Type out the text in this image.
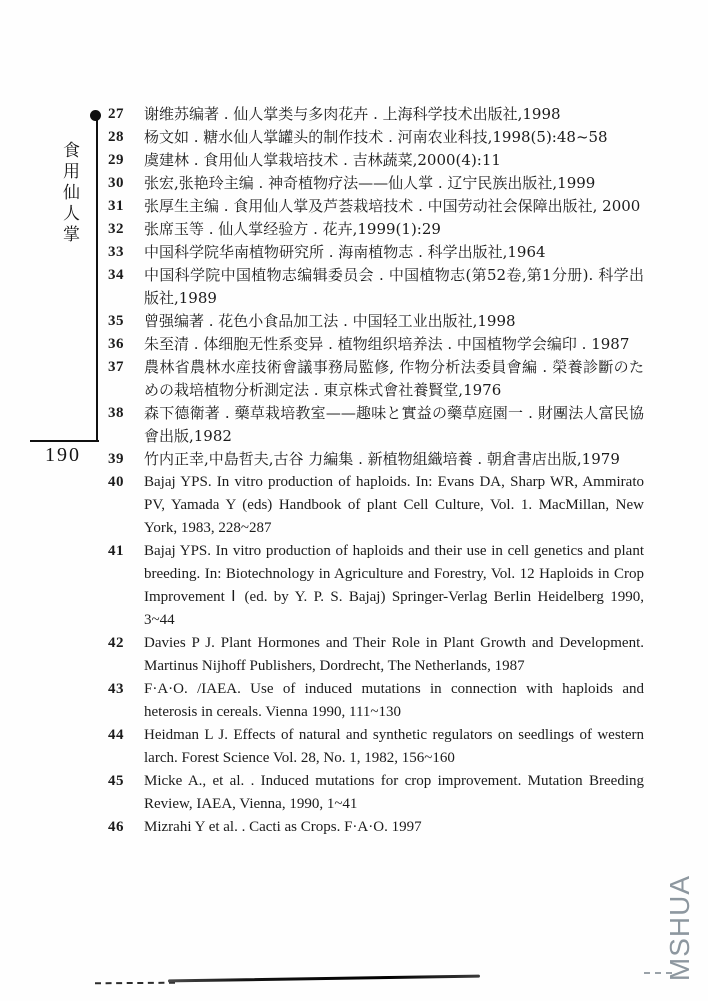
食用仙人掌
190
27	谢维苏编著 . 仙人掌类与多肉花卉 . 上海科学技术出版社,1998
28	杨文如 . 糖水仙人掌罐头的制作技术 . 河南农业科技,1998(5):48~58
29	虞建林 . 食用仙人掌栽培技术 . 吉林蔬菜,2000(4):11
30	张宏,张艳玲主编 . 神奇植物疗法——仙人掌 . 辽宁民族出版社,1999
31	张厚生主编 . 食用仙人掌及芦荟栽培技术 . 中国劳动社会保障出版社, 2000
32	张席玉等 . 仙人掌经验方 . 花卉,1999(1):29
33	中国科学院华南植物研究所 . 海南植物志 . 科学出版社,1964
34	中国科学院中国植物志编辑委员会 . 中国植物志(第52卷,第1分册). 科学出版社,1989
35	曾强编著 . 花色小食品加工法 . 中国轻工业出版社,1998
36	朱至清 . 体细胞无性系变异 . 植物组织培养法 . 中国植物学会编印 . 1987
37	農林省農林水産技術會議事務局監修, 作物分析法委員會編 . 榮養診斷のための栽培植物分析測定法 . 東京株式會社養賢堂,1976
38	森下德衛著 . 藥草栽培教室——趣味と實益の藥草庭園一 . 財團法人富民協會出版,1982
39	竹内正幸,中島哲夫,古谷 力編集 . 新植物組織培養 . 朝倉書店出版,1979
40	Bajaj YPS. In vitro production of haploids. In: Evans DA, Sharp WR, Ammirato PV, Yamada Y (eds) Handbook of plant Cell Culture, Vol. 1. MacMillan, New York, 1983, 228~287
41	Bajaj YPS. In vitro production of haploids and their use in cell genetics and plant breeding. In: Biotechnology in Agriculture and Forestry, Vol. 12 Haploids in Crop Improvement Ⅰ (ed. by Y. P. S. Bajaj) Springer-Verlag Berlin Heidelberg 1990, 3~44
42	Davies P J. Plant Hormones and Their Role in Plant Growth and Development. Martinus Nijhoff Publishers, Dordrecht, The Netherlands, 1987
43	F·A·O. /IAEA. Use of induced mutations in connection with haploids and heterosis in cereals. Vienna 1990, 111~130
44	Heidman L J. Effects of natural and synthetic regulators on seedlings of western larch. Forest Science Vol. 28, No. 1, 1982, 156~160
45	Micke A., et al. . Induced mutations for crop improvement. Mutation Breeding Review, IAEA, Vienna, 1990, 1~41
46	Mizrahi Y et al. . Cacti as Crops. F·A·O. 1997
MSHUA
